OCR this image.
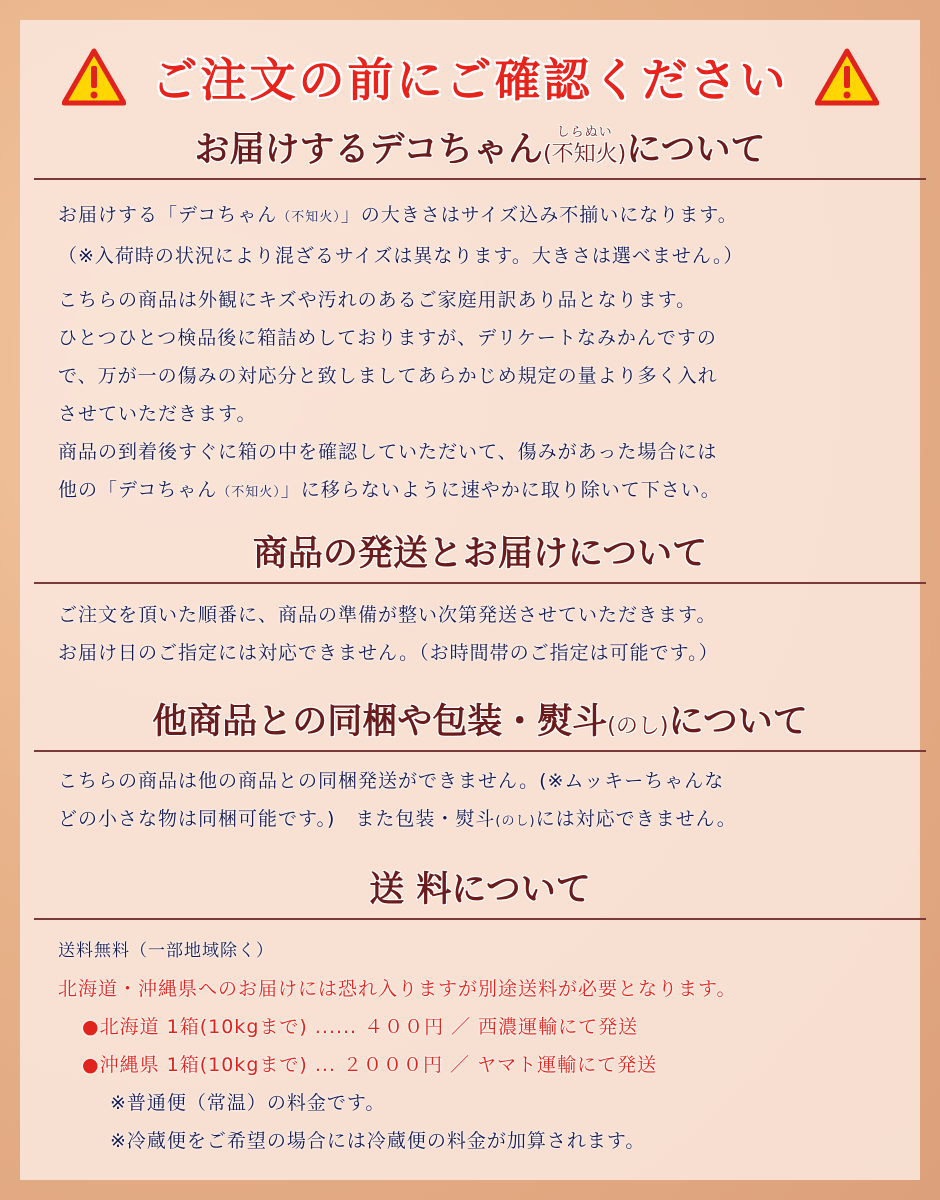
ご注文の前にご確認ください
お届けするデコちゃん	しらぬい
(不知火)について
お届けする「デコちゃん（不知火）」の大きさはサイズ込み不揃いになります。
（※入荷時の状況により混ざるサイズは異なります。大きさは選べません。）
こちらの商品は外観にキズや汚れのあるご家庭用訳あり品となります。
ひとつひとつ検品後に箱詰めしておりますが、デリケートなみかんですの
で、万が一の傷みの対応分と致しましてあらかじめ規定の量より多く入れ
させていただきます。
商品の到着後すぐに箱の中を確認していただいて、傷みがあった場合には
他の「デコちゃん（不知火）」に移らないように速やかに取り除いて下さい。
商品の発送とお届けについて
ご注文を頂いた順番に、商品の準備が整い次第発送させていただきます。
お届け日のご指定には対応できません。（お時間帯のご指定は可能です。）
他商品との同梱や包装・熨斗(のし)について
こちらの商品は他の商品との同梱発送ができません。(※ムッキーちゃんな
どの小さな物は同梱可能です。)　また包装・熨斗(のし)には対応できません。
送 料について
送料無料（一部地域除く）
北海道・沖縄県へのお届けには恐れ入りますが別途送料が必要となります。
●北海道 1箱(10kgまで) ...... ４００円 ／ 西濃運輸にて発送
●沖縄県 1箱(10kgまで) ... ２０００円 ／ ヤマト運輸にて発送
※普通便（常温）の料金です。
※冷蔵便をご希望の場合には冷蔵便の料金が加算されます。
